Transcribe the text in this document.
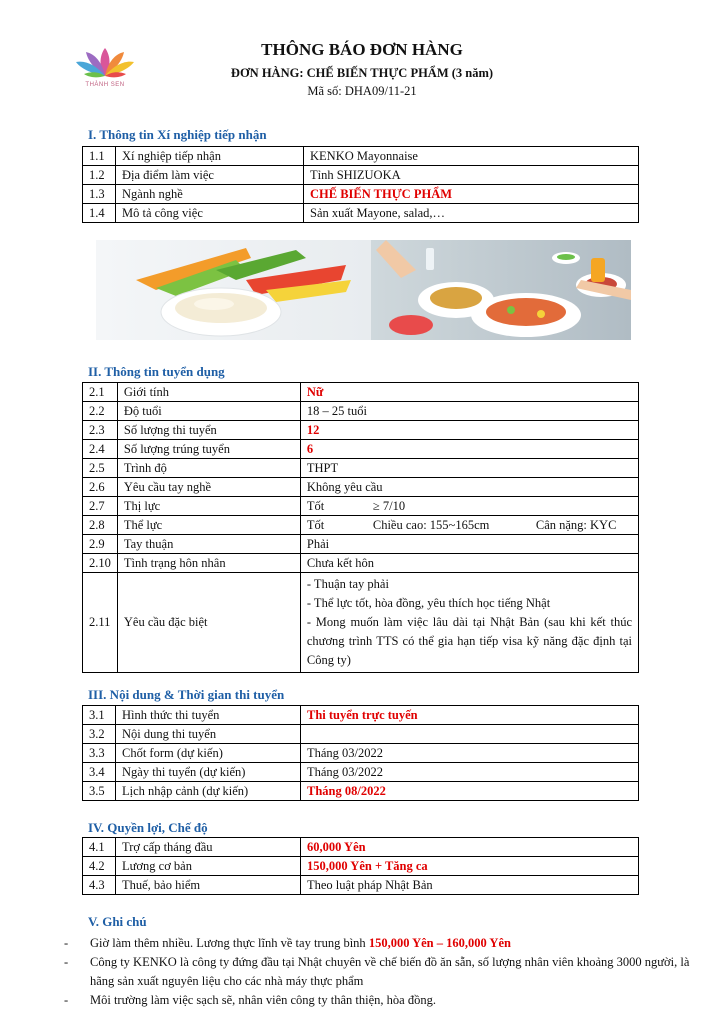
THÀNH SEN
THÔNG BÁO ĐƠN HÀNG
ĐƠN HÀNG: CHẾ BIẾN THỰC PHẨM (3 năm)
Mã số: DHA09/11-21
I. Thông tin Xí nghiệp tiếp nhận
1.1	Xí nghiệp tiếp nhận	KENKO Mayonnaise
1.2	Địa điểm làm việc	Tỉnh SHIZUOKA
1.3	Ngành nghề	CHẾ BIẾN THỰC PHẨM
1.4	Mô tả công việc	Sản xuất Mayone, salad,…
II. Thông tin tuyển dụng
2.1	Giới tính	Nữ
2.2	Độ tuổi	18 – 25 tuổi
2.3	Số lượng thi tuyển	12
2.4	Số lượng trúng tuyển	6
2.5	Trình độ	THPT
2.6	Yêu cầu tay nghề	Không yêu cầu
2.7	Thị lực	Tốt ≥ 7/10
2.8	Thể lực	Tốt Chiều cao: 155~165cm Cân nặng: KYC
2.9	Tay thuận	Phải
2.10	Tình trạng hôn nhân	Chưa kết hôn
2.11	Yêu cầu đặc biệt	- Thuận tay phải
- Thể lực tốt, hòa đồng, yêu thích học tiếng Nhật
- Mong muốn làm việc lâu dài tại Nhật Bản (sau khi kết thúc chương trình TTS có thể gia hạn tiếp visa kỹ năng đặc định tại Công ty)
III. Nội dung & Thời gian thi tuyển
3.1	Hình thức thi tuyển	Thi tuyển trực tuyến
3.2	Nội dung thi tuyển	
3.3	Chốt form (dự kiến)	Tháng 03/2022
3.4	Ngày thi tuyển (dự kiến)	Tháng 03/2022
3.5	Lịch nhập cảnh (dự kiến)	Tháng 08/2022
IV. Quyền lợi, Chế độ
4.1	Trợ cấp tháng đầu	60,000 Yên
4.2	Lương cơ bản	150,000 Yên + Tăng ca
4.3	Thuế, bảo hiểm	Theo luật pháp Nhật Bản
V. Ghi chú
- Giờ làm thêm nhiều. Lương thực lĩnh về tay trung bình 150,000 Yên – 160,000 Yên
- Công ty KENKO là công ty đứng đầu tại Nhật chuyên về chế biến đồ ăn sẵn, số lượng nhân viên khoảng 3000 người, là hãng sản xuất nguyên liệu cho các nhà máy thực phẩm
- Môi trường làm việc sạch sẽ, nhân viên công ty thân thiện, hòa đồng.
